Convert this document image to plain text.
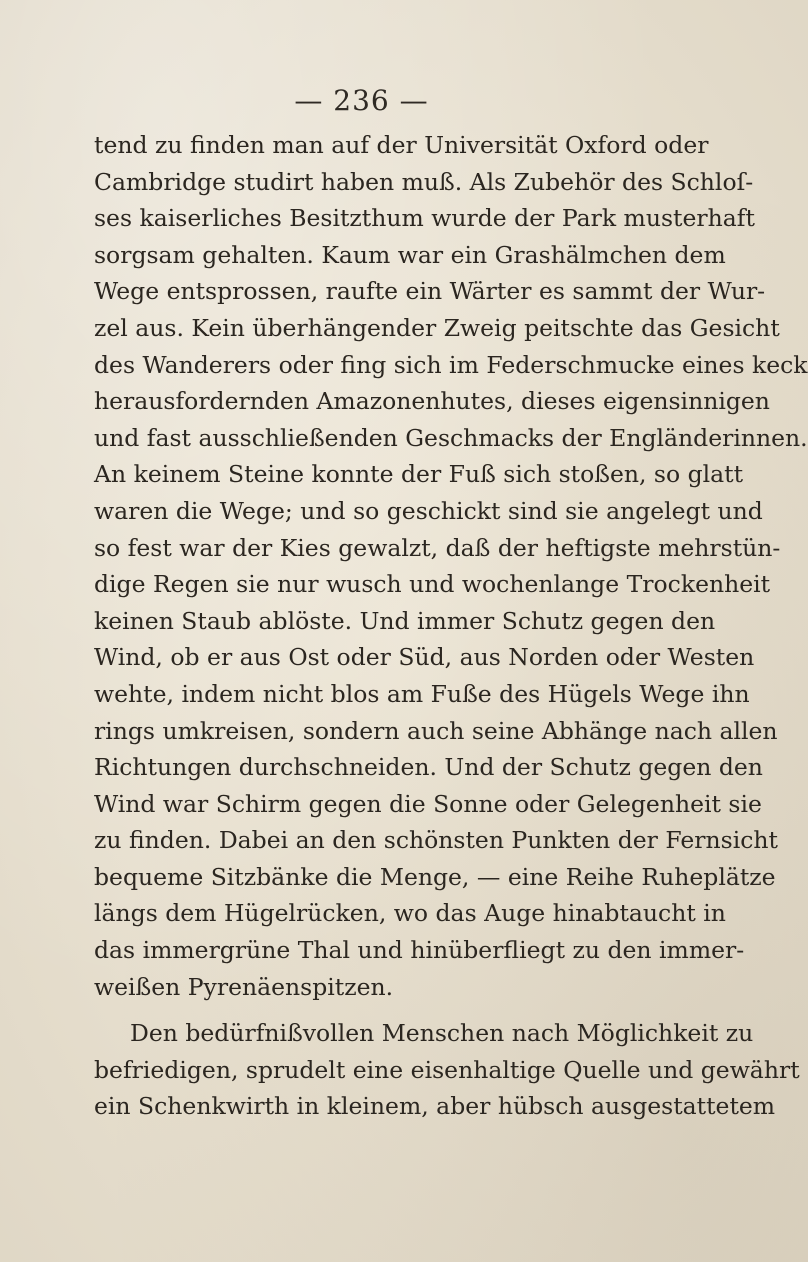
— 236 —
tend zu finden man auf der Universität Oxford oder
Cambridge studirt haben muß. Als Zubehör des Schloſ-
ses kaiserliches Besitzthum wurde der Park musterhaft
sorgsam gehalten. Kaum war ein Grashälmchen dem
Wege entsprossen, raufte ein Wärter es sammt der Wur-
zel aus. Kein überhängender Zweig peitschte das Gesicht
des Wanderers oder fing sich im Federschmucke eines keck
herausfordernden Amazonenhutes, dieses eigensinnigen
und fast ausschließenden Geschmacks der Engländerinnen.
An keinem Steine konnte der Fuß sich stoßen, so glatt
waren die Wege; und so geschickt sind sie angelegt und
so fest war der Kies gewalzt, daß der heftigste mehrstün-
dige Regen sie nur wusch und wochenlange Trockenheit
keinen Staub ablöste. Und immer Schutz gegen den
Wind, ob er aus Ost oder Süd, aus Norden oder Westen
wehte, indem nicht blos am Fuße des Hügels Wege ihn
rings umkreisen, sondern auch seine Abhänge nach allen
Richtungen durchschneiden. Und der Schutz gegen den
Wind war Schirm gegen die Sonne oder Gelegenheit sie
zu finden. Dabei an den schönsten Punkten der Fernsicht
bequeme Sitzbänke die Menge, — eine Reihe Ruheplätze
längs dem Hügelrücken, wo das Auge hinabtaucht in
das immergrüne Thal und hinüberfliegt zu den immer-
weißen Pyrenäenspitzen.
Den bedürfnißvollen Menschen nach Möglichkeit zu
befriedigen, sprudelt eine eisenhaltige Quelle und gewährt
ein Schenkwirth in kleinem, aber hübsch ausgestattetem
